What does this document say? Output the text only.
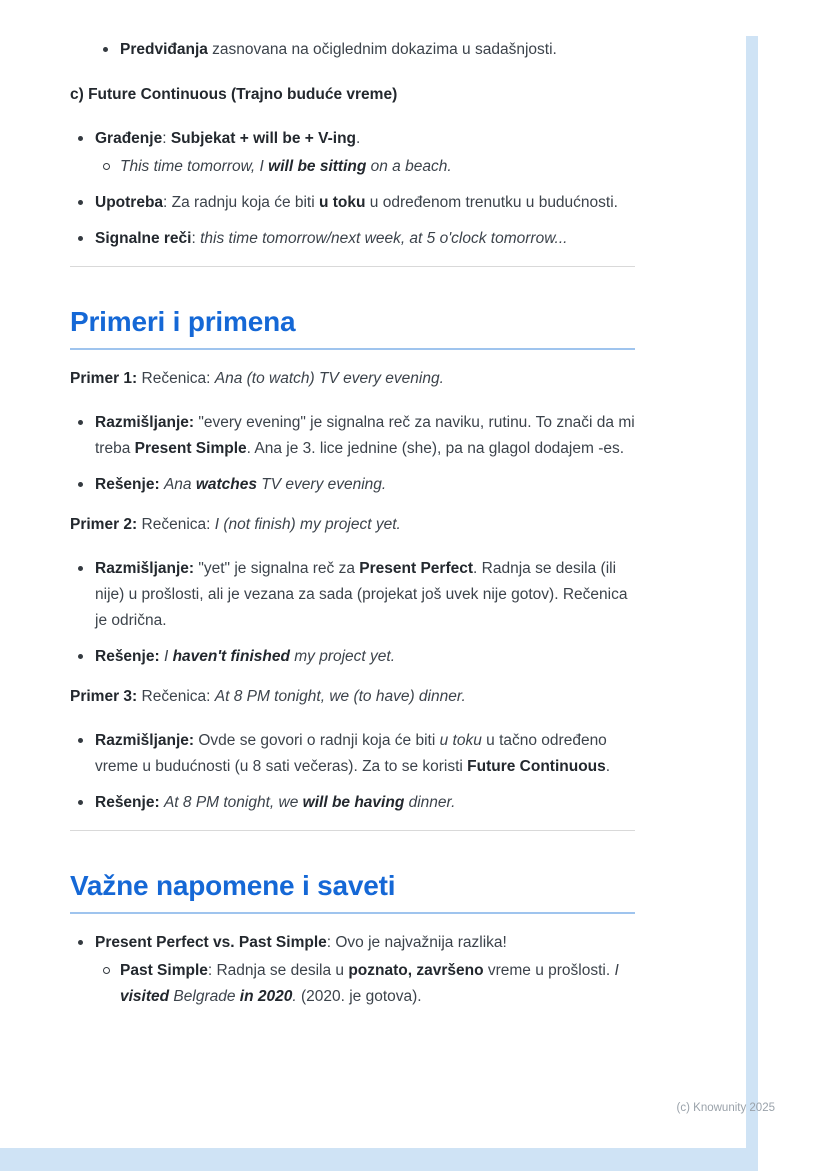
Predviđanja zasnovana na očiglednim dokazima u sadašnjosti.

c) Future Continuous (Trajno buduće vreme)

Građenje: Subjekat + will be + V-ing.
This time tomorrow, I will be sitting on a beach.
Upotreba: Za radnju koja će biti u toku u određenom trenutku u budućnosti.
Signalne reči: this time tomorrow/next week, at 5 o'clock tomorrow...
Primeri i primena

Primer 1: Rečenica: Ana (to watch) TV every evening.

Razmišljanje: "every evening" je signalna reč za naviku, rutinu. To znači da mi treba Present Simple. Ana je 3. lice jednine (she), pa na glagol dodajem -es.
Rešenje: Ana watches TV every evening.

Primer 2: Rečenica: I (not finish) my project yet.

Razmišljanje: "yet" je signalna reč za Present Perfect. Radnja se desila (ili nije) u prošlosti, ali je vezana za sada (projekat još uvek nije gotov). Rečenica je odrična.
Rešenje: I haven't finished my project yet.

Primer 3: Rečenica: At 8 PM tonight, we (to have) dinner.

Razmišljanje: Ovde se govori o radnji koja će biti u toku u tačno određeno vreme u budućnosti (u 8 sati večeras). Za to se koristi Future Continuous.
Rešenje: At 8 PM tonight, we will be having dinner.
Važne napomene i saveti
Present Perfect vs. Past Simple: Ovo je najvažnija razlika!
Past Simple: Radnja se desila u poznato, završeno vreme u prošlosti. I visited Belgrade in 2020. (2020. je gotova).
(c) Knowunity 2025
